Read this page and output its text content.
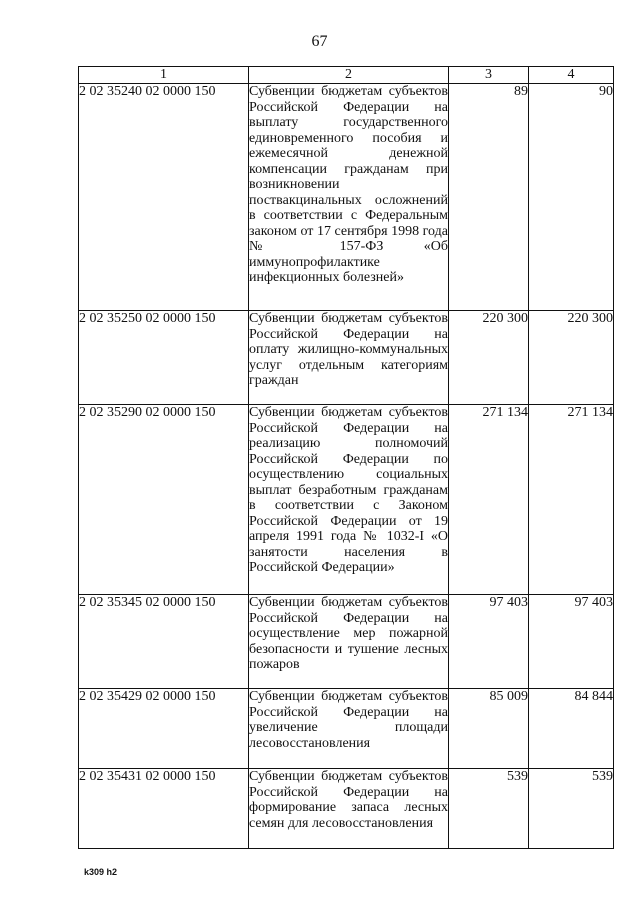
67
1	2	3	4
2 02 35240 02 0000 150	Субвенции бюджетам субъектов Российской Федерации на выплату государственного единовременного пособия и ежемесячной денежной компенсации гражданам при возникновении поствакцинальных осложнений в соответствии с Федеральным законом от 17 сентября 1998 года № 157-ФЗ «Об иммунопрофилактике инфекционных болезней»	89	90
2 02 35250 02 0000 150	Субвенции бюджетам субъектов Российской Федерации на оплату жилищно-коммунальных услуг отдельным категориям граждан	220 300	220 300
2 02 35290 02 0000 150	Субвенции бюджетам субъектов Российской Федерации на реализацию полномочий Российской Федерации по осуществлению социальных выплат безработным гражданам в соответствии с Законом Российской Федерации от 19 апреля 1991 года № 1032-I «О занятости населения в Российской Федерации»	271 134	271 134
2 02 35345 02 0000 150	Субвенции бюджетам субъектов Российской Федерации на осуществление мер пожарной безопасности и тушение лесных пожаров	97 403	97 403
2 02 35429 02 0000 150	Субвенции бюджетам субъектов Российской Федерации на увеличение площади лесовосстановления	85 009	84 844
2 02 35431 02 0000 150	Субвенции бюджетам субъектов Российской Федерации на формирование запаса лесных семян для лесовосстановления	539	539
k309 h2
